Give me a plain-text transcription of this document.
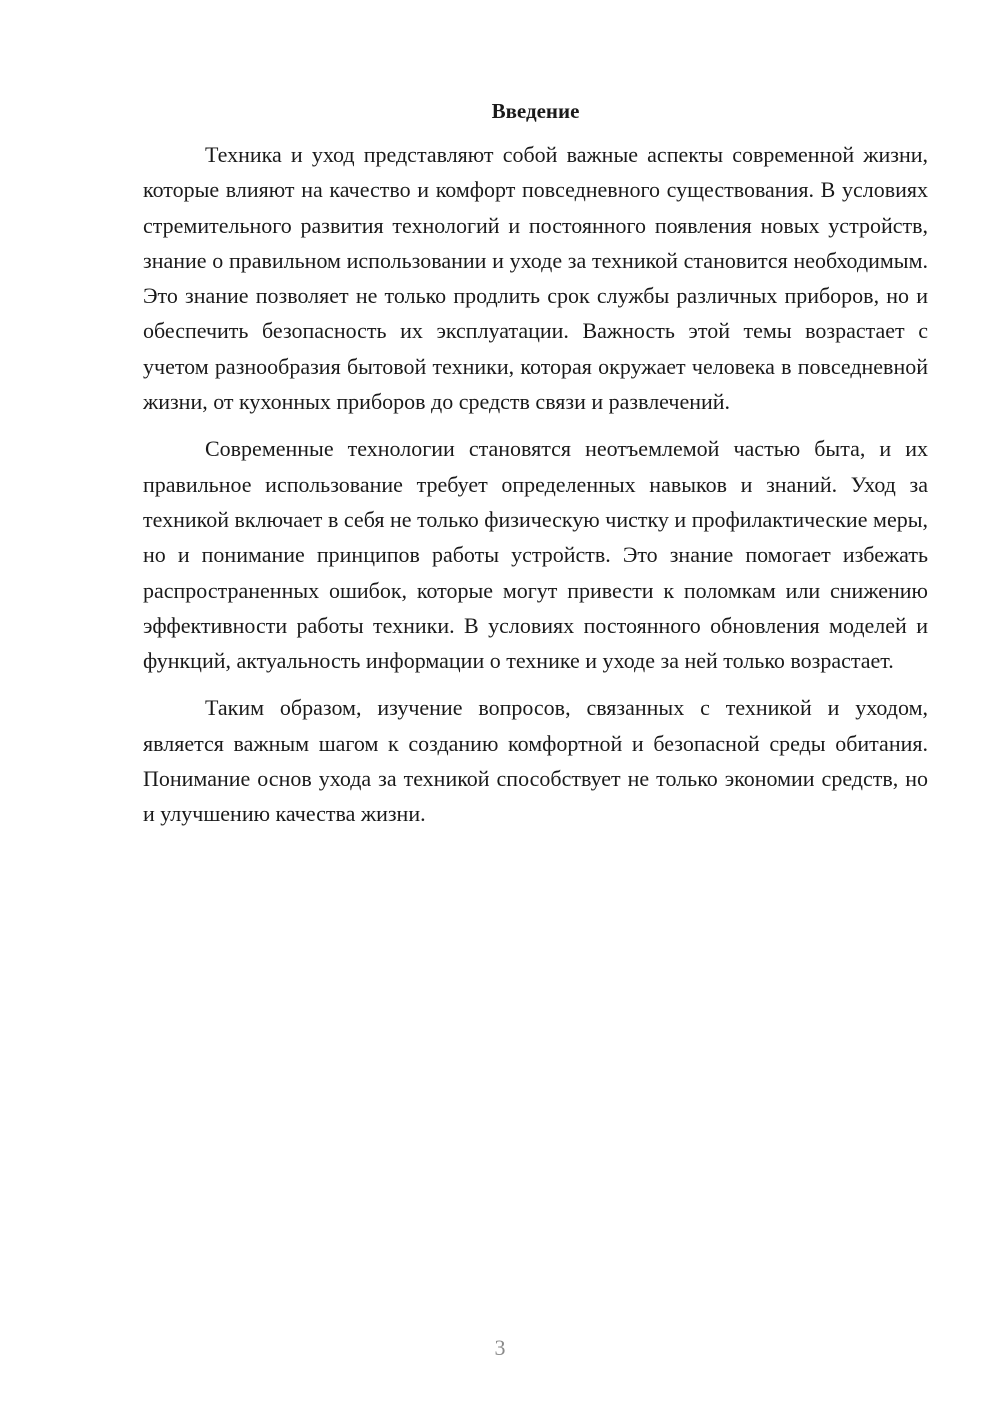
Введение

Техника и уход представляют собой важные аспекты современной жизни, которые влияют на качество и комфорт повседневного существования. В условиях стремительного развития технологий и постоянного появления новых устройств, знание о правильном использовании и уходе за техникой становится необходимым. Это знание позволяет не только продлить срок службы различных приборов, но и обеспечить безопасность их эксплуатации. Важность этой темы возрастает с учетом разнообразия бытовой техники, которая окружает человека в повседневной жизни, от кухонных приборов до средств связи и развлечений.

Современные технологии становятся неотъемлемой частью быта, и их правильное использование требует определенных навыков и знаний. Уход за техникой включает в себя не только физическую чистку и профилактические меры, но и понимание принципов работы устройств. Это знание помогает избежать распространенных ошибок, которые могут привести к поломкам или снижению эффективности работы техники. В условиях постоянного обновления моделей и функций, актуальность информации о технике и уходе за ней только возрастает.

Таким образом, изучение вопросов, связанных с техникой и уходом, является важным шагом к созданию комфортной и безопасной среды обитания. Понимание основ ухода за техникой способствует не только экономии средств, но и улучшению качества жизни.

3
